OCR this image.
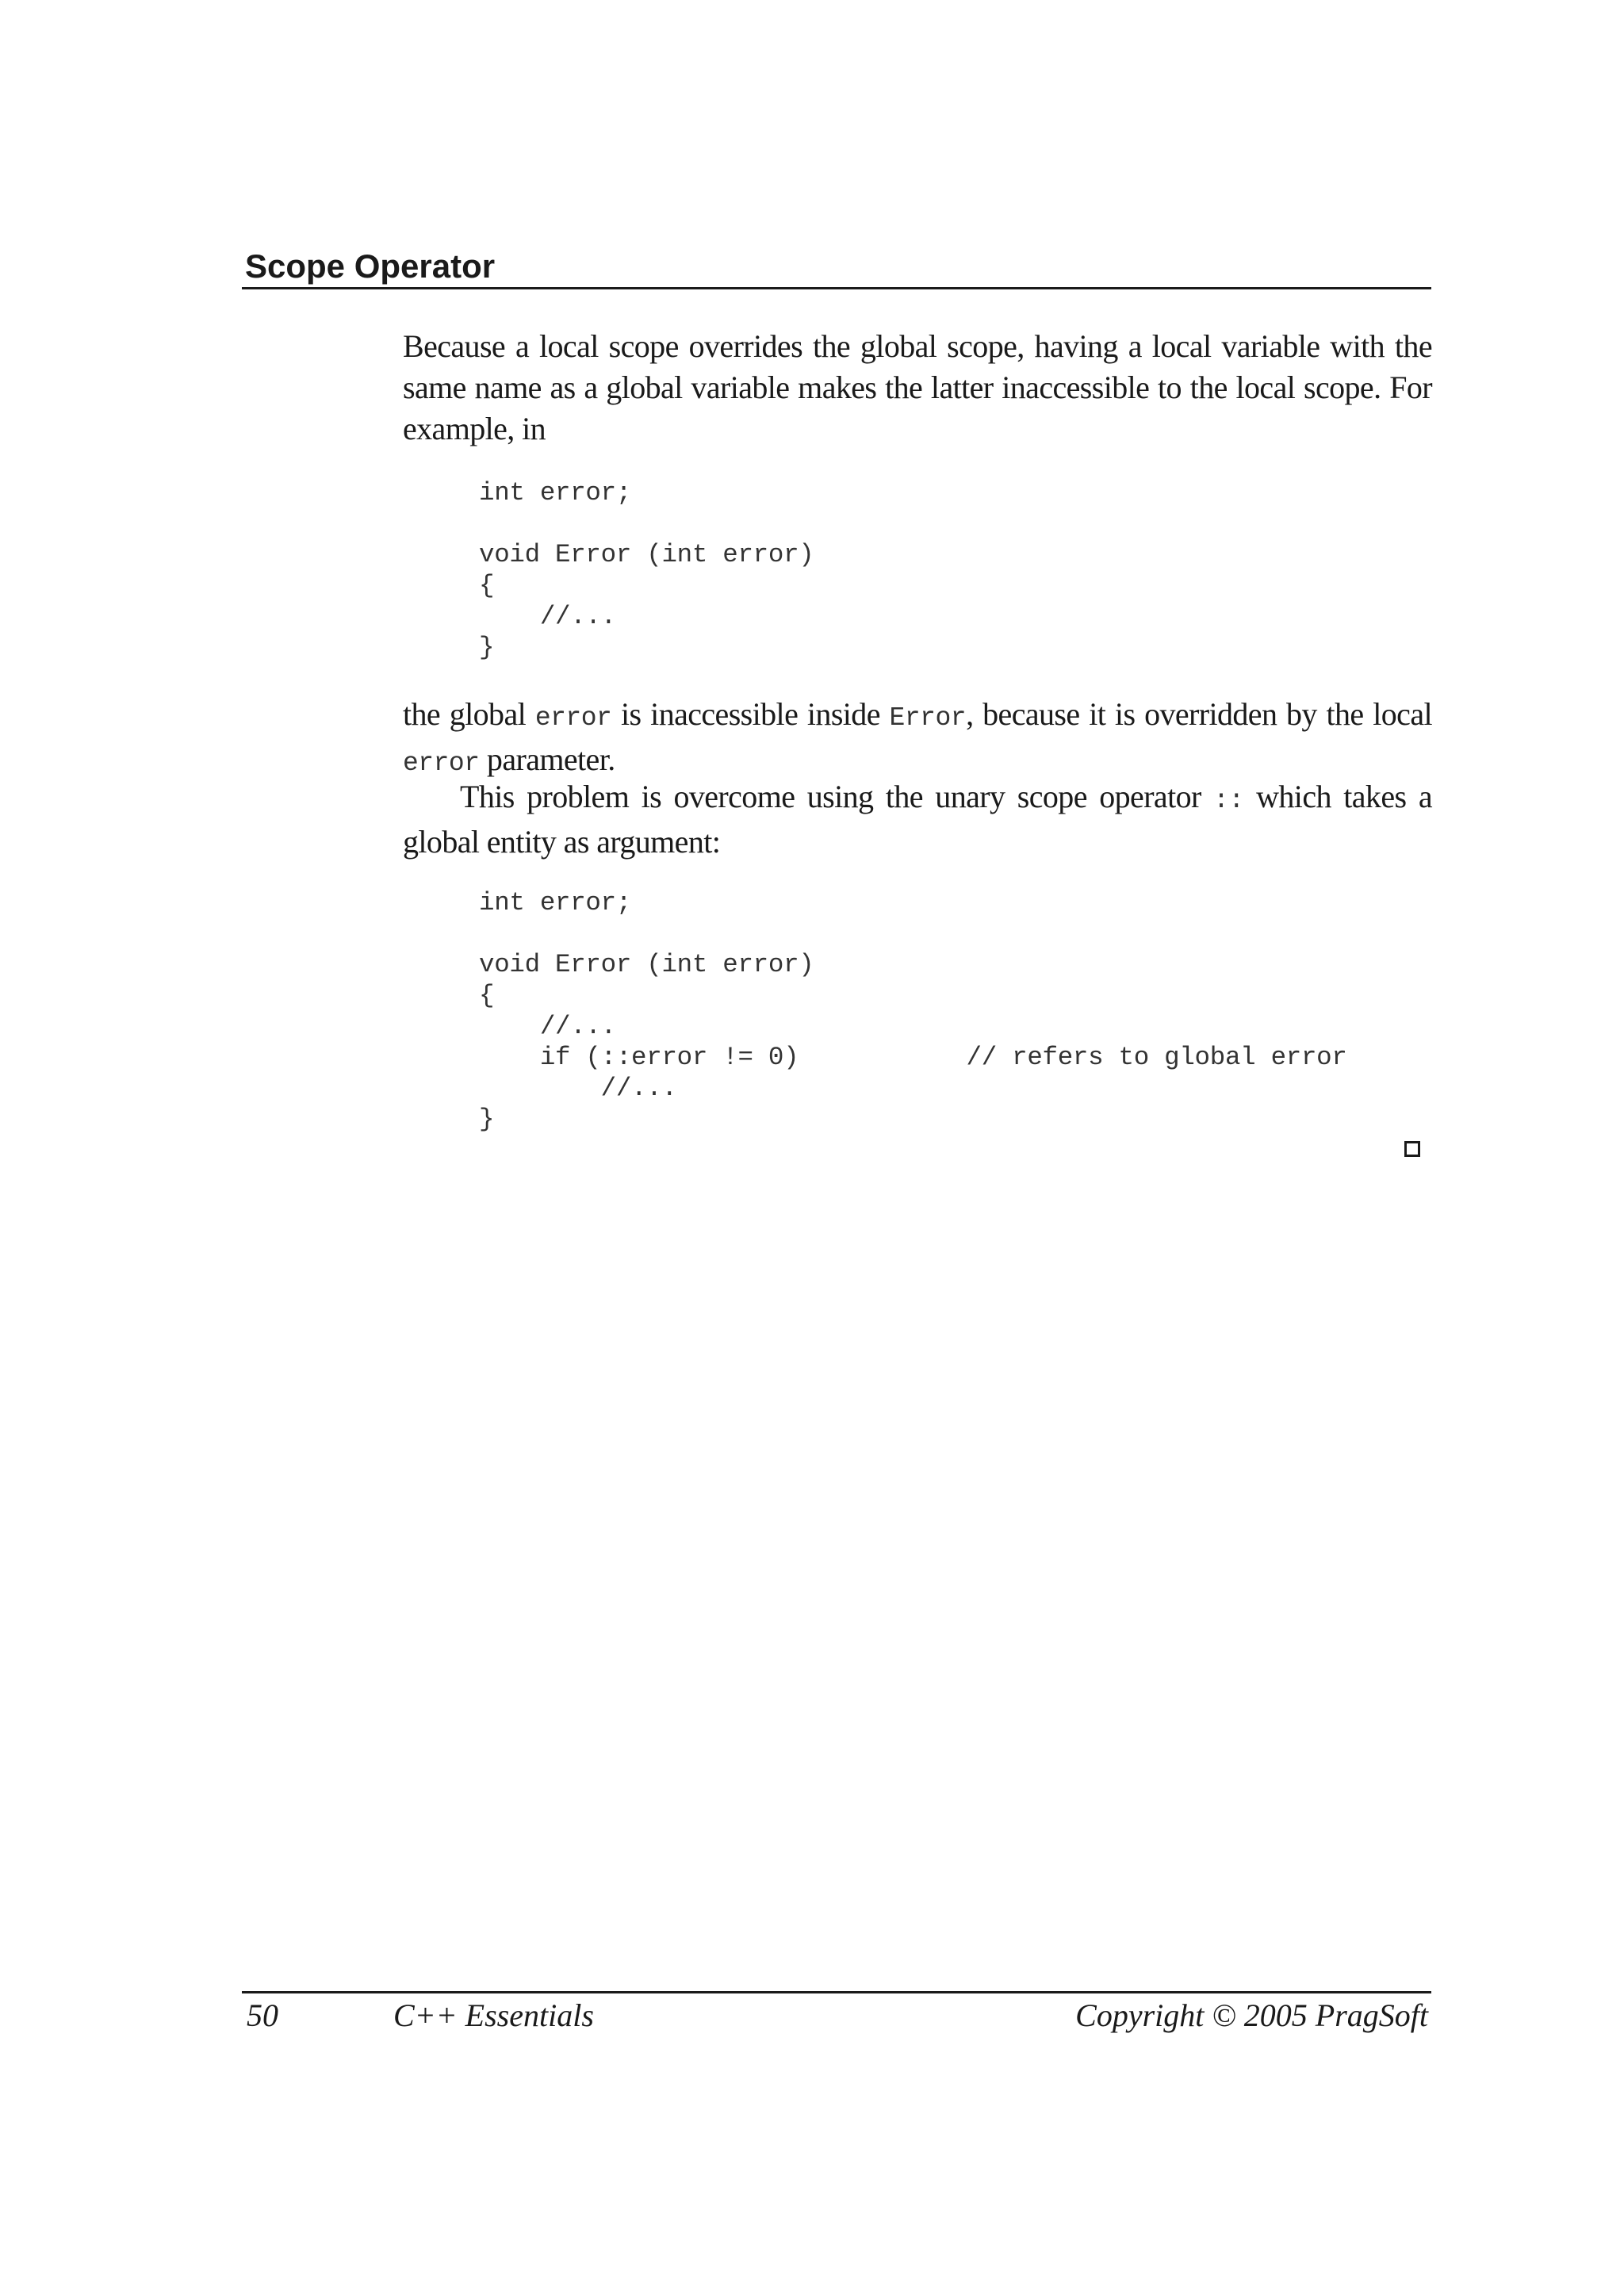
Scope Operator

Because a local scope overrides the global scope, having a local variable with the same name as a global variable makes the latter inaccessible to the local scope. For example, in

int error;
void Error (int error)
{
//...
}

the global error is inaccessible inside Error, because it is overridden by the local error parameter.

This problem is overcome using the unary scope operator :: which takes a global entity as argument:

int error;
void Error (int error)
{
//...
if (::error != 0)           // refers to global error
//...
}
50	C++ Essentials	Copyright © 2005 PragSoft
